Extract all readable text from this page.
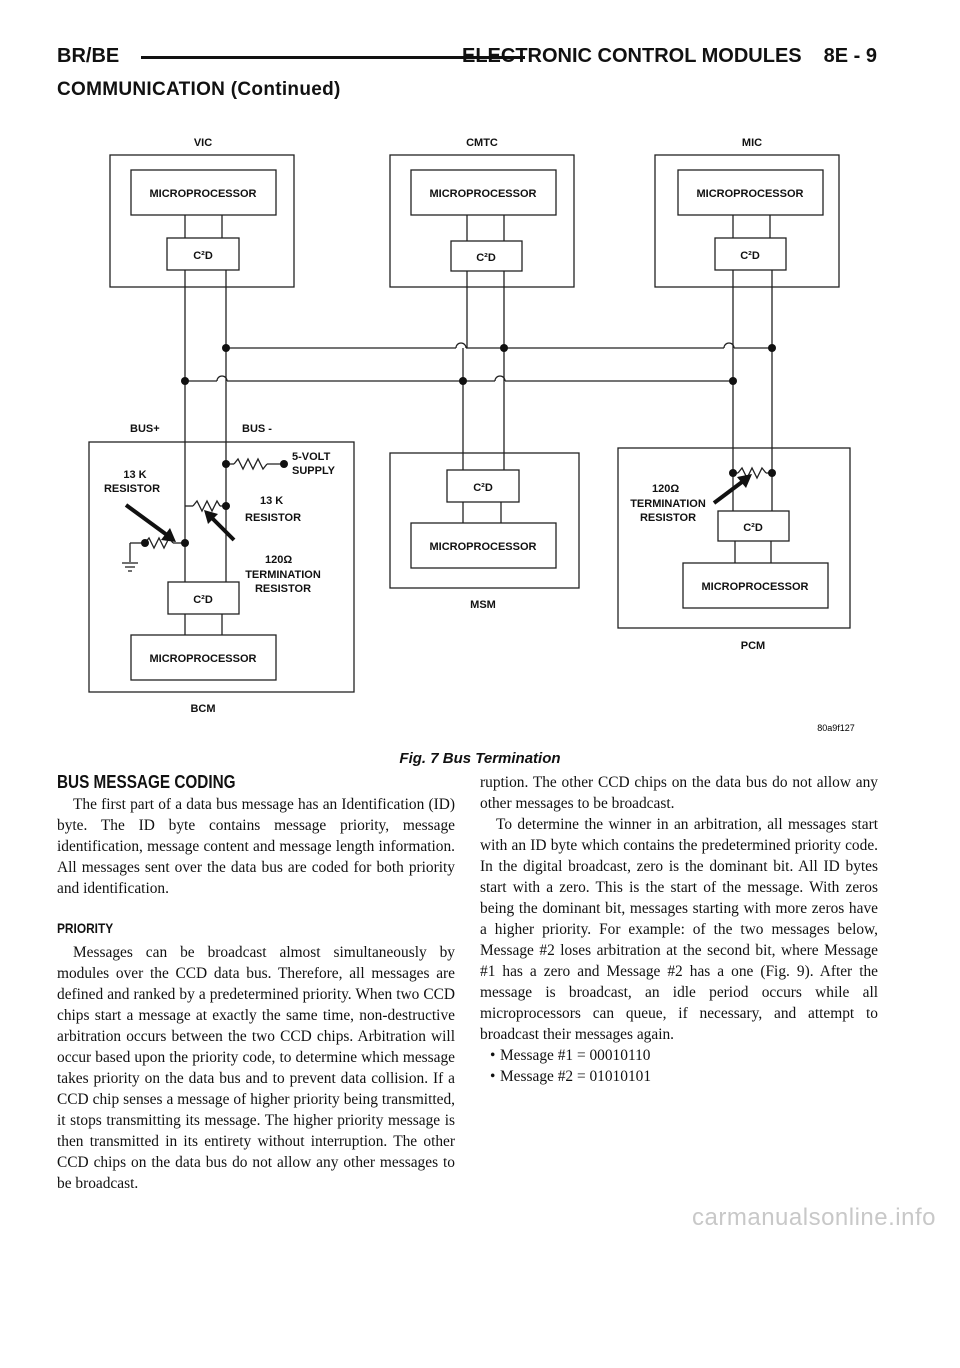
BR/BE	ELECTRONIC CONTROL MODULES 8E - 9
COMMUNICATION (Continued)
VIC	CMTC	MIC
MICROPROCESSOR	MICROPROCESSOR	MICROPROCESSOR
C²D	C²D	C²D
BUS+	BUS -
5-VOLT
SUPPLY
13 K
RESISTOR
13 K
RESISTOR
120Ω
TERMINATION
RESISTOR
C²D
MICROPROCESSOR
BCM
C²D
MICROPROCESSOR
MSM
120Ω
TERMINATION
RESISTOR
C²D
MICROPROCESSOR
PCM
80a9f127
Fig. 7 Bus Termination
BUS MESSAGE CODING

The first part of a data bus message has an Identification (ID) byte. The ID byte contains message priority, message identification, message content and message length information. All messages sent over the data bus are coded for both priority and identification.

PRIORITY

Messages can be broadcast almost simultaneously by modules over the CCD data bus. Therefore, all messages are defined and ranked by a predetermined priority. When two CCD chips start a message at exactly the same time, non-destructive arbitration occurs between the two CCD chips. Arbitration will occur based upon the priority code, to determine which message takes priority on the data bus and to prevent data collision. If a CCD chip senses a message of higher priority being transmitted, it stops transmitting its message. The higher priority message is then transmitted in its entirety without interruption. The other CCD chips on the data bus do not allow any other messages to be broadcast.

ruption. The other CCD chips on the data bus do not allow any other messages to be broadcast.

To determine the winner in an arbitration, all messages start with an ID byte which contains the predetermined priority code. In the digital broadcast, zero is the dominant bit. All ID bytes start with a zero. This is the start of the message. With zeros being the dominant bit, messages starting with more zeros have a higher priority. For example: of the two messages below, Message #2 loses arbitration at the second bit, where Message #1 has a zero and Message #2 has a one (Fig. 9). After the message is broadcast, an idle period occurs while all microprocessors can queue, if necessary, and attempt to broadcast their messages again.

• Message #1 = 00010110
• Message #2 = 01010101
carmanualsonline.info
